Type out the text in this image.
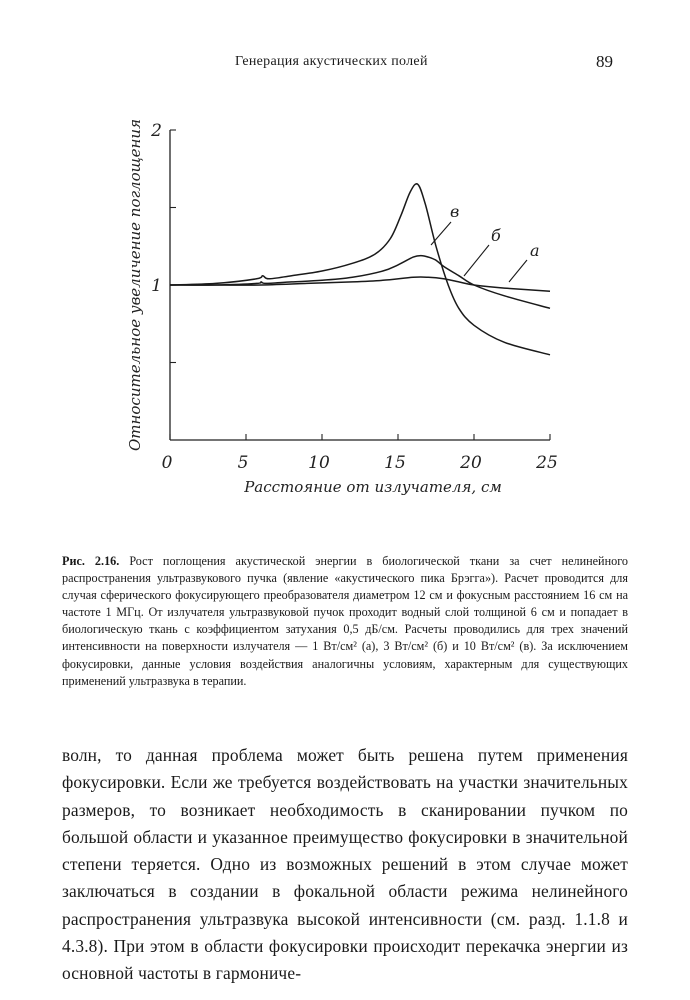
Генерация акустических полей	89
0	5	10	15	20	25
1
2
Расстояние от излучателя, см
Относительное увеличение поглощения	а
б
в
Рис. 2.16. Рост поглощения акустической энергии в биологической ткани за счет нелинейного распространения ультразвукового пучка (явление «акустического пика Брэгга»). Расчет проводится для случая сферического фокусирующего преобразователя диаметром 12 см и фокусным расстоянием 16 см на частоте 1 МГц. От излучателя ультразвуковой пучок проходит водный слой толщиной 6 см и попадает в биологическую ткань с коэффициентом затухания 0,5 дБ/см. Расчеты проводились для трех значений интенсивности на поверхности излучателя — 1 Вт/см² (а), 3 Вт/см² (б) и 10 Вт/см² (в). За исключением фокусировки, данные условия воздействия аналогичны условиям, характерным для существующих применений ультразвука в терапии.
волн, то данная проблема может быть решена путем применения фокусировки. Если же требуется воздействовать на участки значительных размеров, то возникает необходимость в сканировании пучком по большой области и указанное преимущество фокусировки в значительной степени теряется. Одно из возможных решений в этом случае может заключаться в создании в фокальной области режима нелинейного распространения ультразвука высокой интенсивности (см. разд. 1.1.8 и 4.3.8). При этом в области фокусировки происходит перекачка энергии из основной частоты в гармониче-
